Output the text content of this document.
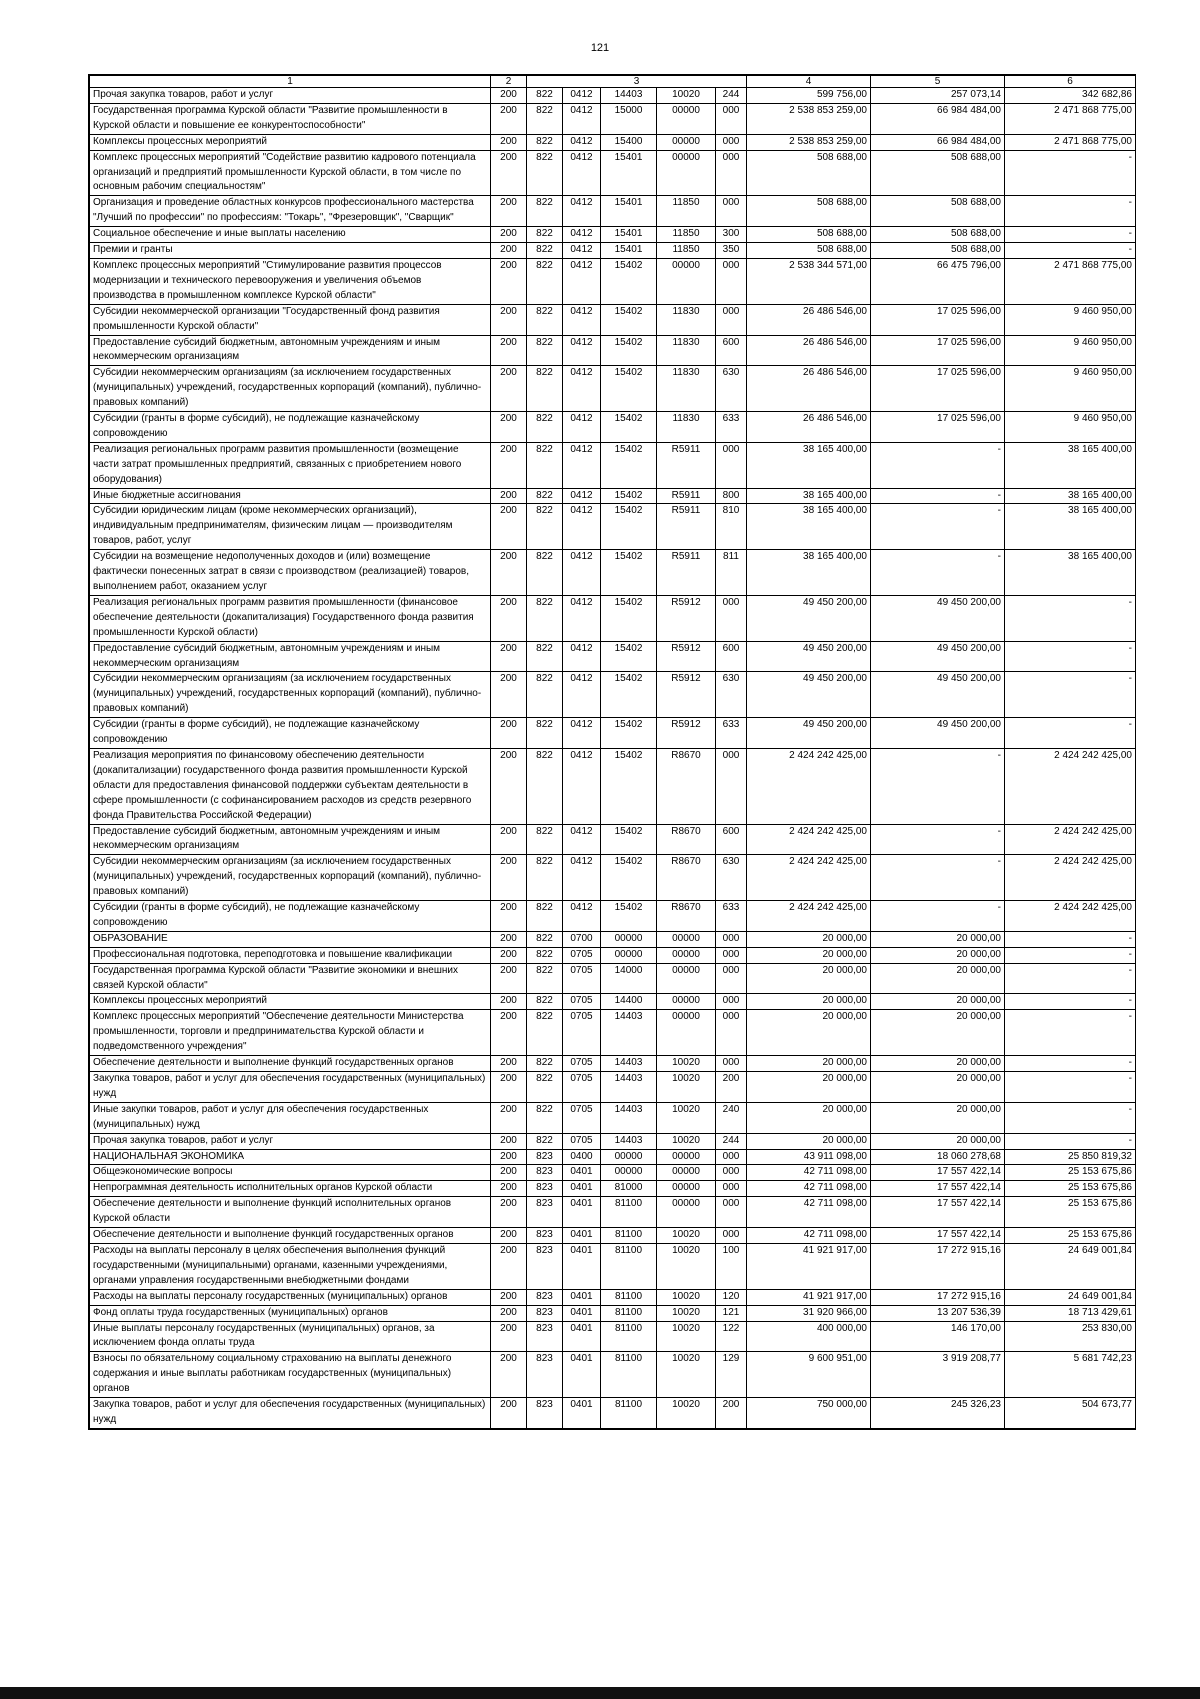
121
1	2	3					4	5	6
Прочая закупка товаров, работ и услуг	200	822	0412	14403	10020	244	599 756,00	257 073,14	342 682,86
Государственная программа Курской области "Развитие промышленности в Курской области и повышение ее конкурентоспособности"	200	822	0412	15000	00000	000	2 538 853 259,00	66 984 484,00	2 471 868 775,00
Комплексы процессных мероприятий	200	822	0412	15400	00000	000	2 538 853 259,00	66 984 484,00	2 471 868 775,00
Комплекс процессных мероприятий "Содействие развитию кадрового потенциала организаций и предприятий промышленности Курской области, в том числе по основным рабочим специальностям"	200	822	0412	15401	00000	000	508 688,00	508 688,00	-
Организация и проведение областных конкурсов профессионального мастерства "Лучший по профессии" по профессиям: "Токарь", "Фрезеровщик", "Сварщик"	200	822	0412	15401	11850	000	508 688,00	508 688,00	-
Социальное обеспечение и иные выплаты населению	200	822	0412	15401	11850	300	508 688,00	508 688,00	-
Премии и гранты	200	822	0412	15401	11850	350	508 688,00	508 688,00	-
Комплекс процессных мероприятий "Стимулирование развития процессов модернизации и технического перевооружения и увеличения объемов производства в промышленном комплексе Курской области"	200	822	0412	15402	00000	000	2 538 344 571,00	66 475 796,00	2 471 868 775,00
Субсидии некоммерческой организации "Государственный фонд развития промышленности Курской области"	200	822	0412	15402	11830	000	26 486 546,00	17 025 596,00	9 460 950,00
Предоставление субсидий бюджетным, автономным учреждениям и иным некоммерческим организациям	200	822	0412	15402	11830	600	26 486 546,00	17 025 596,00	9 460 950,00
Субсидии некоммерческим организациям (за исключением государственных (муниципальных) учреждений, государственных корпораций (компаний), публично-правовых компаний)	200	822	0412	15402	11830	630	26 486 546,00	17 025 596,00	9 460 950,00
Субсидии (гранты в форме субсидий), не подлежащие казначейскому сопровождению	200	822	0412	15402	11830	633	26 486 546,00	17 025 596,00	9 460 950,00
Реализация региональных программ развития промышленности (возмещение части затрат промышленных предприятий, связанных с приобретением нового оборудования)	200	822	0412	15402	R5911	000	38 165 400,00	-	38 165 400,00
Иные бюджетные ассигнования	200	822	0412	15402	R5911	800	38 165 400,00	-	38 165 400,00
Субсидии юридическим лицам (кроме некоммерческих организаций), индивидуальным предпринимателям, физическим лицам — производителям товаров, работ, услуг	200	822	0412	15402	R5911	810	38 165 400,00	-	38 165 400,00
Субсидии на возмещение недополученных доходов и (или) возмещение фактически понесенных затрат в связи с производством (реализацией) товаров, выполнением работ, оказанием услуг	200	822	0412	15402	R5911	811	38 165 400,00	-	38 165 400,00
Реализация региональных программ развития промышленности (финансовое обеспечение деятельности (докапитализация) Государственного фонда развития промышленности Курской области)	200	822	0412	15402	R5912	000	49 450 200,00	49 450 200,00	-
Предоставление субсидий бюджетным, автономным учреждениям и иным некоммерческим организациям	200	822	0412	15402	R5912	600	49 450 200,00	49 450 200,00	-
Субсидии некоммерческим организациям (за исключением государственных (муниципальных) учреждений, государственных корпораций (компаний), публично-правовых компаний)	200	822	0412	15402	R5912	630	49 450 200,00	49 450 200,00	-
Субсидии (гранты в форме субсидий), не подлежащие казначейскому сопровождению	200	822	0412	15402	R5912	633	49 450 200,00	49 450 200,00	-
Реализация мероприятия по финансовому обеспечению деятельности (докапитализации) государственного фонда развития промышленности Курской области для предоставления финансовой поддержки субъектам деятельности в сфере промышленности (с софинансированием расходов из средств резервного фонда Правительства Российской Федерации)	200	822	0412	15402	R8670	000	2 424 242 425,00	-	2 424 242 425,00
Предоставление субсидий бюджетным, автономным учреждениям и иным некоммерческим организациям	200	822	0412	15402	R8670	600	2 424 242 425,00	-	2 424 242 425,00
Субсидии некоммерческим организациям (за исключением государственных (муниципальных) учреждений, государственных корпораций (компаний), публично-правовых компаний)	200	822	0412	15402	R8670	630	2 424 242 425,00	-	2 424 242 425,00
Субсидии (гранты в форме субсидий), не подлежащие казначейскому сопровождению	200	822	0412	15402	R8670	633	2 424 242 425,00	-	2 424 242 425,00
ОБРАЗОВАНИЕ	200	822	0700	00000	00000	000	20 000,00	20 000,00	-
Профессиональная подготовка, переподготовка и повышение квалификации	200	822	0705	00000	00000	000	20 000,00	20 000,00	-
Государственная программа Курской области "Развитие экономики и внешних связей Курской области"	200	822	0705	14000	00000	000	20 000,00	20 000,00	-
Комплексы процессных мероприятий	200	822	0705	14400	00000	000	20 000,00	20 000,00	-
Комплекс процессных мероприятий "Обеспечение деятельности Министерства промышленности, торговли и предпринимательства Курской области и подведомственного учреждения"	200	822	0705	14403	00000	000	20 000,00	20 000,00	-
Обеспечение деятельности и выполнение функций государственных органов	200	822	0705	14403	10020	000	20 000,00	20 000,00	-
Закупка товаров, работ и услуг для обеспечения государственных (муниципальных) нужд	200	822	0705	14403	10020	200	20 000,00	20 000,00	-
Иные закупки товаров, работ и услуг для обеспечения государственных (муниципальных) нужд	200	822	0705	14403	10020	240	20 000,00	20 000,00	-
Прочая закупка товаров, работ и услуг	200	822	0705	14403	10020	244	20 000,00	20 000,00	-
НАЦИОНАЛЬНАЯ ЭКОНОМИКА	200	823	0400	00000	00000	000	43 911 098,00	18 060 278,68	25 850 819,32
Общеэкономические вопросы	200	823	0401	00000	00000	000	42 711 098,00	17 557 422,14	25 153 675,86
Непрограммная деятельность исполнительных органов Курской области	200	823	0401	81000	00000	000	42 711 098,00	17 557 422,14	25 153 675,86
Обеспечение деятельности и выполнение функций исполнительных органов Курской области	200	823	0401	81100	00000	000	42 711 098,00	17 557 422,14	25 153 675,86
Обеспечение деятельности и выполнение функций государственных органов	200	823	0401	81100	10020	000	42 711 098,00	17 557 422,14	25 153 675,86
Расходы на выплаты персоналу в целях обеспечения выполнения функций государственными (муниципальными) органами, казенными учреждениями, органами управления государственными внебюджетными фондами	200	823	0401	81100	10020	100	41 921 917,00	17 272 915,16	24 649 001,84
Расходы на выплаты персоналу государственных (муниципальных) органов	200	823	0401	81100	10020	120	41 921 917,00	17 272 915,16	24 649 001,84
Фонд оплаты труда государственных (муниципальных) органов	200	823	0401	81100	10020	121	31 920 966,00	13 207 536,39	18 713 429,61
Иные выплаты персоналу государственных (муниципальных) органов, за исключением фонда оплаты труда	200	823	0401	81100	10020	122	400 000,00	146 170,00	253 830,00
Взносы по обязательному социальному страхованию на выплаты денежного содержания и иные выплаты работникам государственных (муниципальных) органов	200	823	0401	81100	10020	129	9 600 951,00	3 919 208,77	5 681 742,23
Закупка товаров, работ и услуг для обеспечения государственных (муниципальных) нужд	200	823	0401	81100	10020	200	750 000,00	245 326,23	504 673,77
